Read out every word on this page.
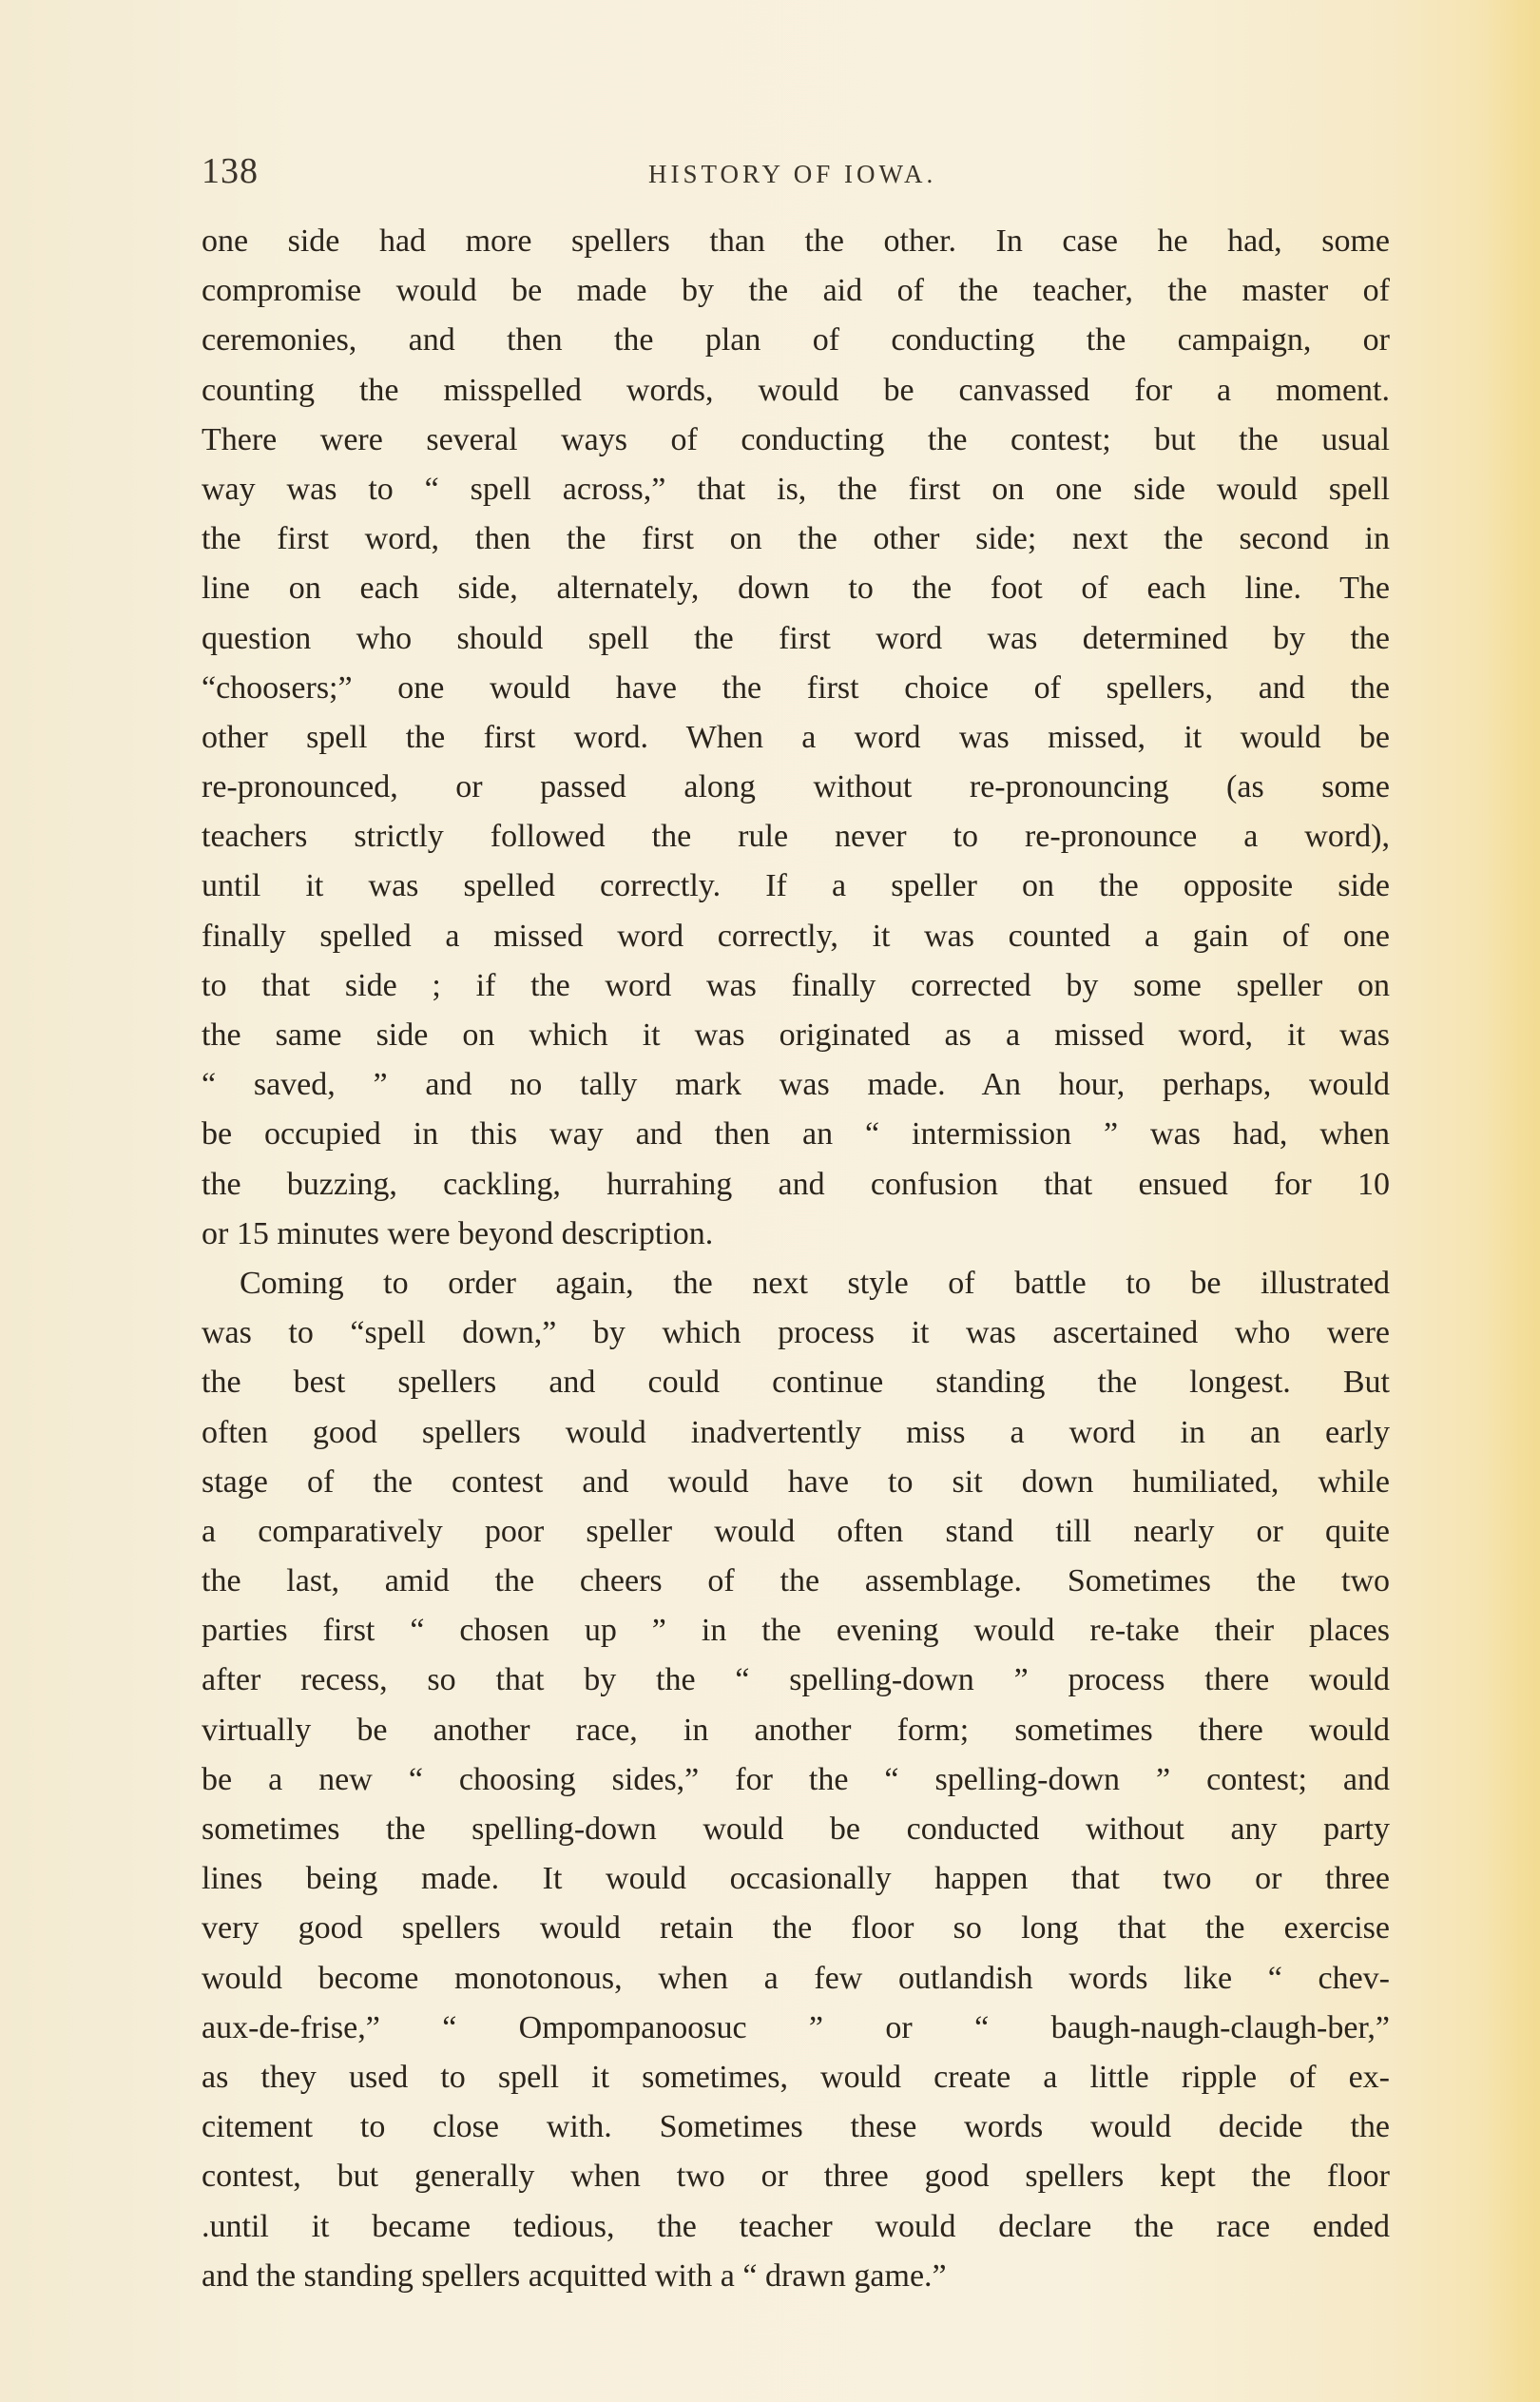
138	HISTORY OF IOWA.
one side had more spellers than the other. In case he had, some
compromise would be made by the aid of the teacher, the master of
ceremonies, and then the plan of conducting the campaign, or
counting the misspelled words, would be canvassed for a moment.
There were several ways of conducting the contest; but the usual
way was to “ spell across,” that is, the first on one side would spell
the first word, then the first on the other side; next the second in
line on each side, alternately, down to the foot of each line. The
question who should spell the first word was determined by the
“choosers;” one would have the first choice of spellers, and the
other spell the first word. When a word was missed, it would be
re-pronounced, or passed along without re-pronouncing (as some
teachers strictly followed the rule never to re-pronounce a word),
until it was spelled correctly. If a speller on the opposite side
finally spelled a missed word correctly, it was counted a gain of one
to that side ; if the word was finally corrected by some speller on
the same side on which it was originated as a missed word, it was
“ saved, ” and no tally mark was made. An hour, perhaps, would
be occupied in this way and then an “ intermission ” was had, when
the buzzing, cackling, hurrahing and confusion that ensued for 10
or 15 minutes were beyond description.
Coming to order again, the next style of battle to be illustrated
was to “spell down,” by which process it was ascertained who were
the best spellers and could continue standing the longest. But
often good spellers would inadvertently miss a word in an early
stage of the contest and would have to sit down humiliated, while
a comparatively poor speller would often stand till nearly or quite
the last, amid the cheers of the assemblage. Sometimes the two
parties first “ chosen up ” in the evening would re-take their places
after recess, so that by the “ spelling-down ” process there would
virtually be another race, in another form; sometimes there would
be a new “ choosing sides,” for the “ spelling-down ” contest; and
sometimes the spelling-down would be conducted without any party
lines being made. It would occasionally happen that two or three
very good spellers would retain the floor so long that the exercise
would become monotonous, when a few outlandish words like “ chev-
aux-de-frise,” “ Ompompanoosuc ” or “ baugh-naugh-claugh-ber,”
as they used to spell it sometimes, would create a little ripple of ex-
citement to close with. Sometimes these words would decide the
contest, but generally when two or three good spellers kept the floor
.until it became tedious, the teacher would declare the race ended
and the standing spellers acquitted with a “ drawn game.”
